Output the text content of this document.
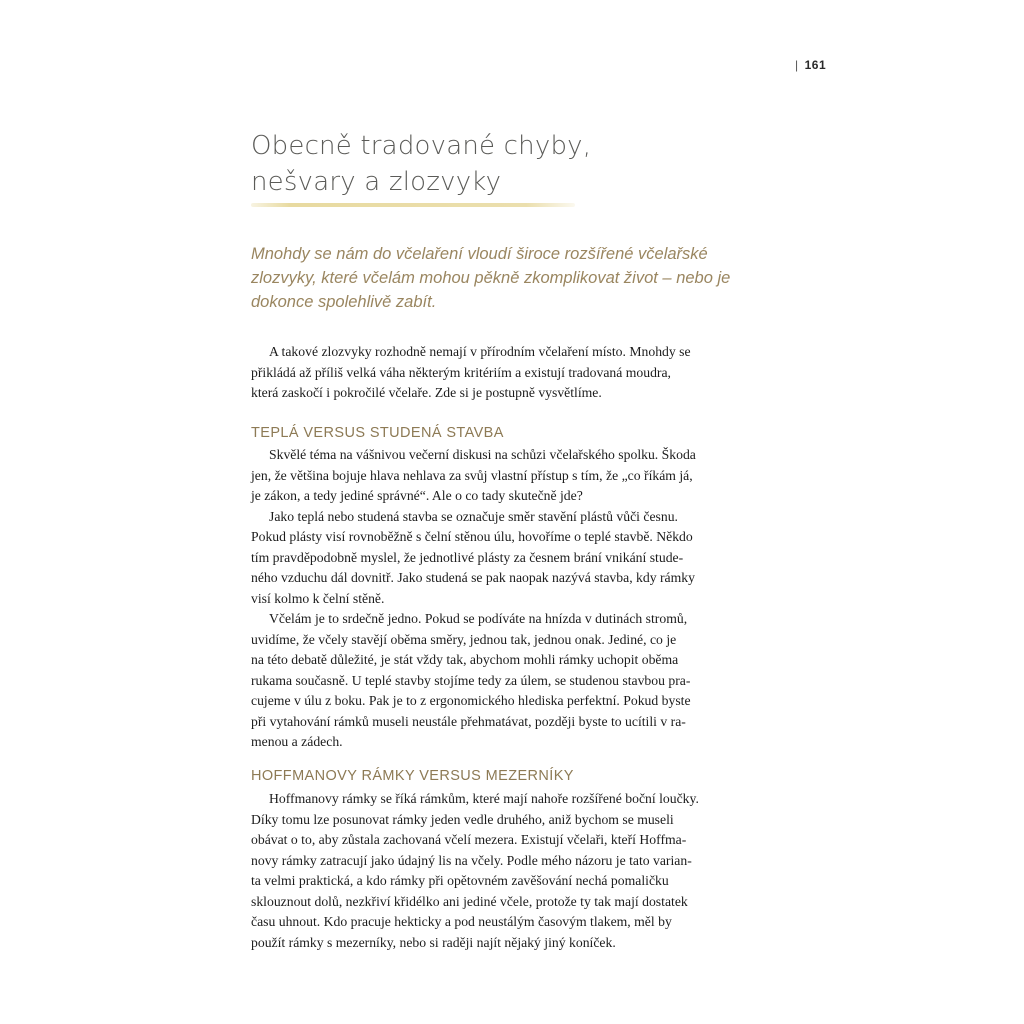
| 161
Obecně tradované chyby,
nešvary a zlozvyky

Mnohdy se nám do včelaření vloudí široce rozšířené včelařské
zlozvyky, které včelám mohou pěkně zkomplikovat život – nebo je
dokonce spolehlivě zabít.

A takové zlozvyky rozhodně nemají v přírodním včelaření místo. Mnohdy se
přikládá až příliš velká váha některým kritériím a existují tradovaná moudra,
která zaskočí i pokročilé včelaře. Zde si je postupně vysvětlíme.

TEPLÁ VERSUS STUDENÁ STAVBA
Skvělé téma na vášnivou večerní diskusi na schůzi včelařského spolku. Škoda
jen, že většina bojuje hlava nehlava za svůj vlastní přístup s tím, že „co říkám já,
je zákon, a tedy jediné správné“. Ale o co tady skutečně jde?
Jako teplá nebo studená stavba se označuje směr stavění plástů vůči česnu.
Pokud plásty visí rovnoběžně s čelní stěnou úlu, hovoříme o teplé stavbě. Někdo
tím pravděpodobně myslel, že jednotlivé plásty za česnem brání vnikání stude-
ného vzduchu dál dovnitř. Jako studená se pak naopak nazývá stavba, kdy rámky
visí kolmo k čelní stěně.
Včelám je to srdečně jedno. Pokud se podíváte na hnízda v dutinách stromů,
uvidíme, že včely stavějí oběma směry, jednou tak, jednou onak. Jediné, co je
na této debatě důležité, je stát vždy tak, abychom mohli rámky uchopit oběma
rukama současně. U teplé stavby stojíme tedy za úlem, se studenou stavbou pra-
cujeme v úlu z boku. Pak je to z ergonomického hlediska perfektní. Pokud byste
při vytahování rámků museli neustále přehmatávat, později byste to ucítili v ra-
menou a zádech.
HOFFMANOVY RÁMKY VERSUS MEZERNÍKY
Hoffmanovy rámky se říká rámkům, které mají nahoře rozšířené boční loučky.
Díky tomu lze posunovat rámky jeden vedle druhého, aniž bychom se museli
obávat o to, aby zůstala zachovaná včelí mezera. Existují včelaři, kteří Hoffma-
novy rámky zatracují jako údajný lis na včely. Podle mého názoru je tato varian-
ta velmi praktická, a kdo rámky při opětovném zavěšování nechá pomaličku
sklouznout dolů, nezkřiví křidélko ani jediné včele, protože ty tak mají dostatek
času uhnout. Kdo pracuje hekticky a pod neustálým časovým tlakem, měl by
použít rámky s mezerníky, nebo si raději najít nějaký jiný koníček.
